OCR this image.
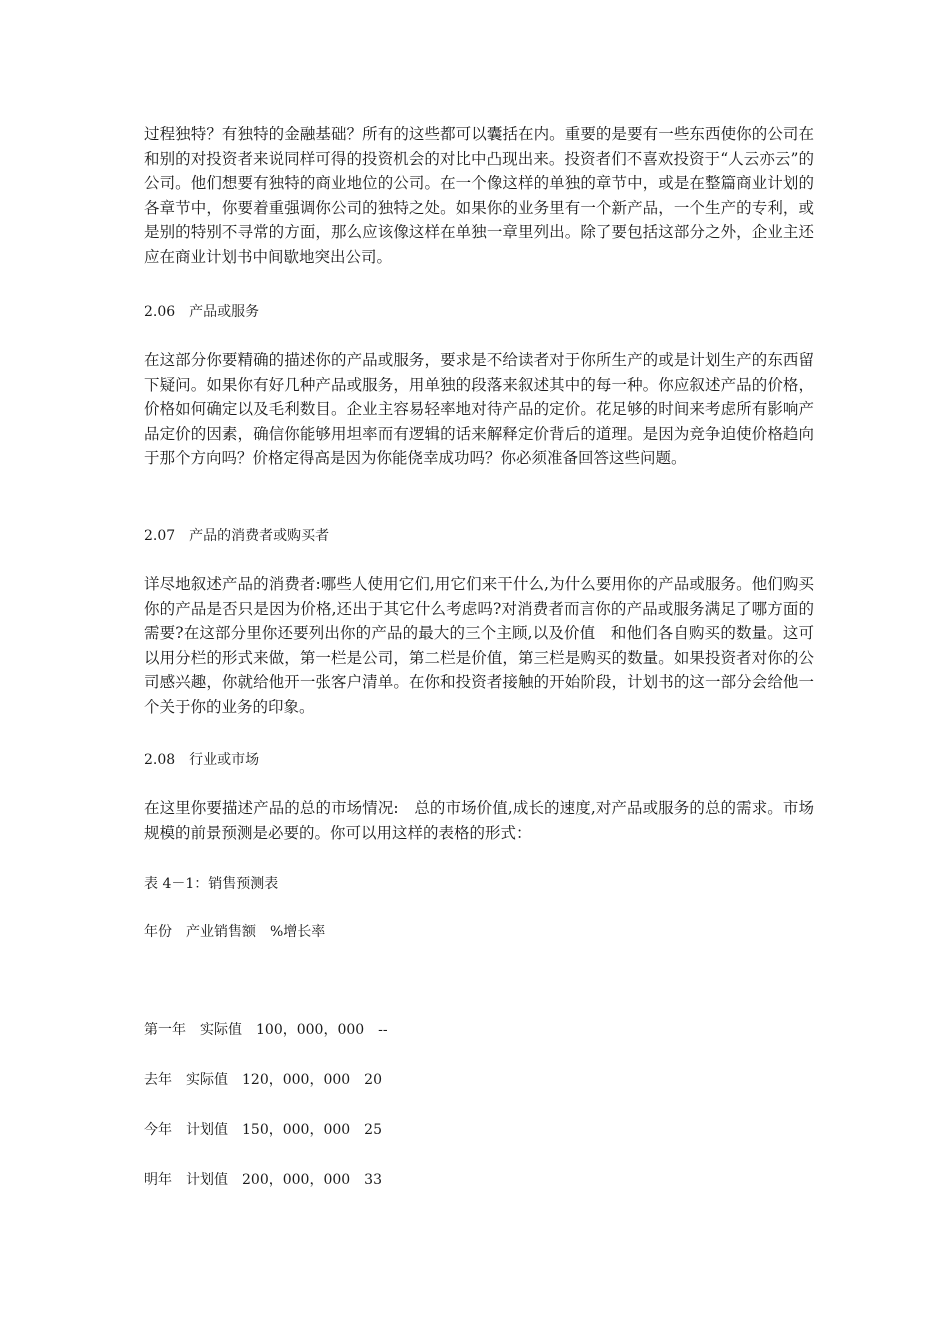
过程独特？有独特的金融基础？所有的这些都可以囊括在内。重要的是要有一些东西使你的公司在和别的对投资者来说同样可得的投资机会的对比中凸现出来。投资者们不喜欢投资于“人云亦云”的公司。他们想要有独特的商业地位的公司。在一个像这样的单独的章节中，或是在整篇商业计划的各章节中，你要着重强调你公司的独特之处。如果你的业务里有一个新产品，一个生产的专利，或是别的特别不寻常的方面，那么应该像这样在单独一章里列出。除了要包括这部分之外，企业主还应在商业计划书中间歇地突出公司。

2.06　产品或服务

在这部分你要精确的描述你的产品或服务，要求是不给读者对于你所生产的或是计划生产的东西留下疑问。如果你有好几种产品或服务，用单独的段落来叙述其中的每一种。你应叙述产品的价格，价格如何确定以及毛利数目。企业主容易轻率地对待产品的定价。花足够的时间来考虑所有影响产品定价的因素，确信你能够用坦率而有逻辑的话来解释定价背后的道理。是因为竞争迫使价格趋向于那个方向吗？价格定得高是因为你能侥幸成功吗？你必须准备回答这些问题。

2.07　产品的消费者或购买者

详尽地叙述产品的消费者:哪些人使用它们,用它们来干什么,为什么要用你的产品或服务。他们购买你的产品是否只是因为价格,还出于其它什么考虑吗?对消费者而言你的产品或服务满足了哪方面的需要?在这部分里你还要列出你的产品的最大的三个主顾,以及价值　和他们各自购买的数量。这可以用分栏的形式来做，第一栏是公司，第二栏是价值，第三栏是购买的数量。如果投资者对你的公司感兴趣，你就给他开一张客户清单。在你和投资者接触的开始阶段，计划书的这一部分会给他一个关于你的业务的印象。

2.08　行业或市场

在这里你要描述产品的总的市场情况:　总的市场价值,成长的速度,对产品或服务的总的需求。市场规模的前景预测是必要的。你可以用这样的表格的形式：

表 4－1：销售预测表

年份　产业销售额　%增长率

第一年　实际值　100，000，000　--

去年　实际值　120，000，000　20

今年　计划值　150，000，000　25

明年　计划值　200，000，000　33
